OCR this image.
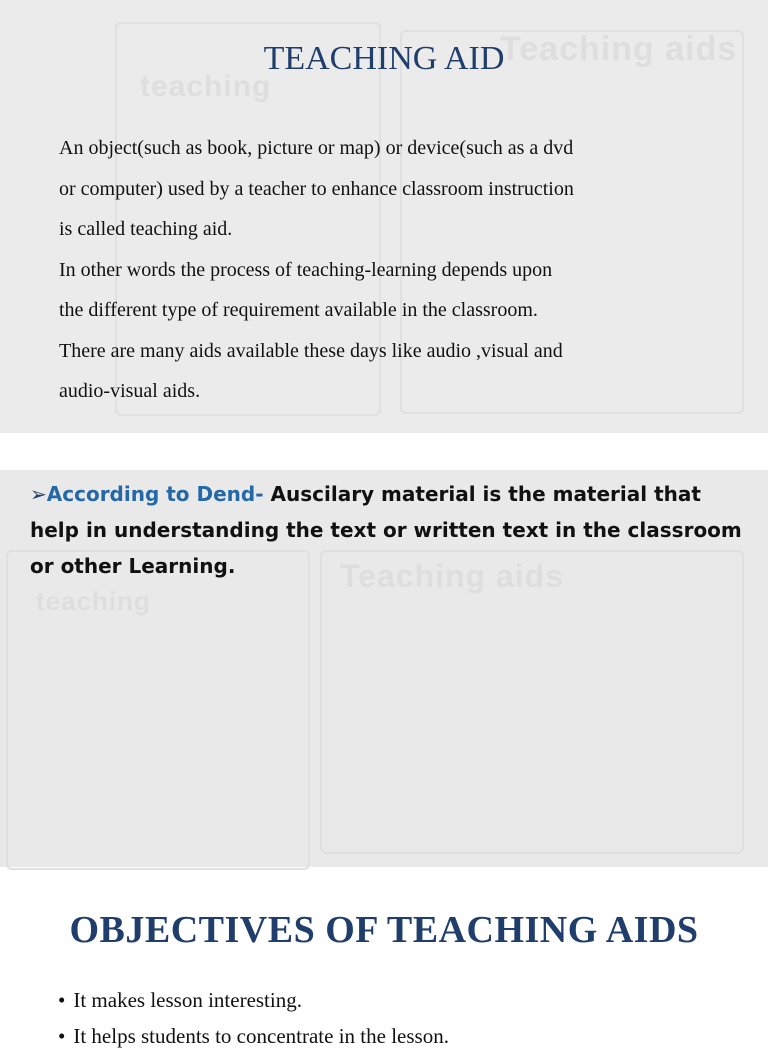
teaching
Teaching aids
TEACHING AID

An object(such as book, picture or map) or device(such as a dvd

or computer) used by a teacher to enhance classroom instruction

is called teaching aid.

In other words the process of teaching-learning depends upon

the different type of requirement available in the classroom.

There are many aids available these days like audio ,visual and

audio-visual aids.

Teaching aids
teaching
➢According to Dend- Auscilary material is the material that help in understanding the text or written text in the classroom or other Learning.
OBJECTIVES OF TEACHING AIDS
• It makes lesson interesting.
• It helps students to concentrate in the lesson.
